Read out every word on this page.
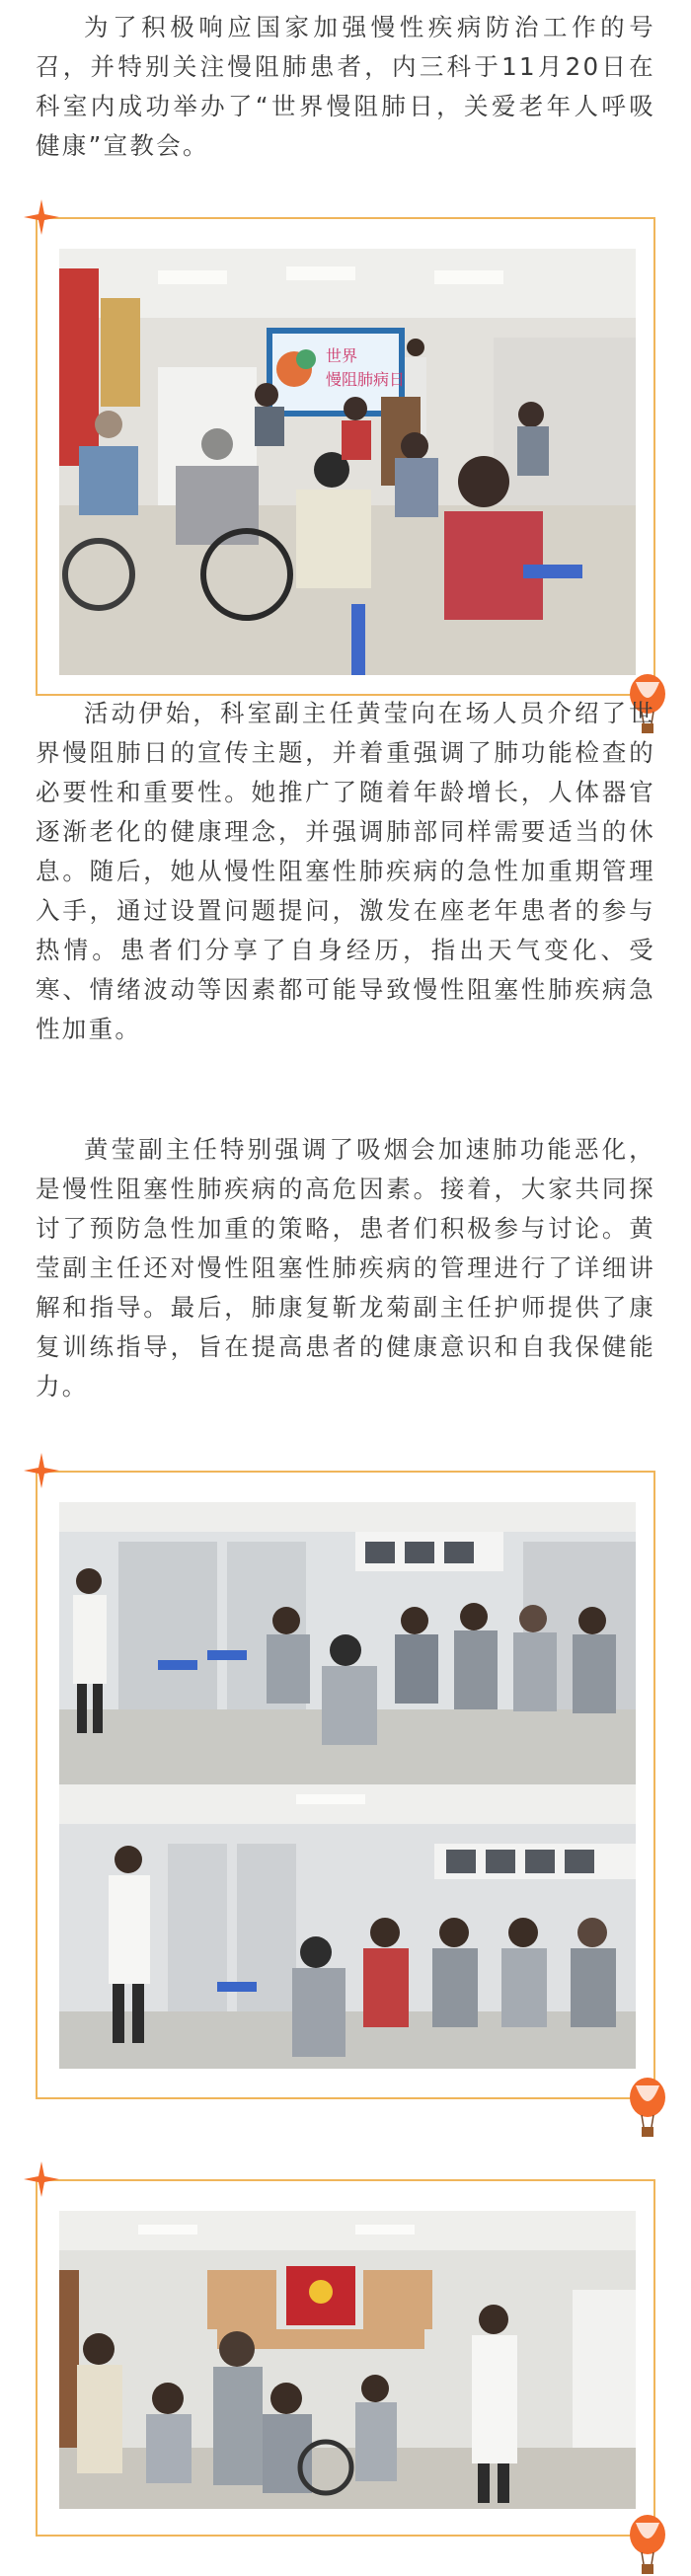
为了积极响应国家加强慢性疾病防治工作的号召，并特别关注慢阻肺患者，内三科于11月20日在科室内成功举办了“世界慢阻肺日，关爱老年人呼吸健康”宣教会。

世界
慢阻肺病日

活动伊始，科室副主任黄莹向在场人员介绍了世界慢阻肺日的宣传主题，并着重强调了肺功能检查的必要性和重要性。她推广了随着年龄增长，人体器官逐渐老化的健康理念，并强调肺部同样需要适当的休息。随后，她从慢性阻塞性肺疾病的急性加重期管理入手，通过设置问题提问，激发在座老年患者的参与热情。患者们分享了自身经历，指出天气变化、受寒、情绪波动等因素都可能导致慢性阻塞性肺疾病急性加重。

黄莹副主任特别强调了吸烟会加速肺功能恶化，是慢性阻塞性肺疾病的高危因素。接着，大家共同探讨了预防急性加重的策略，患者们积极参与讨论。黄莹副主任还对慢性阻塞性肺疾病的管理进行了详细讲解和指导。最后，肺康复靳龙菊副主任护师提供了康复训练指导，旨在提高患者的健康意识和自我保健能力。
